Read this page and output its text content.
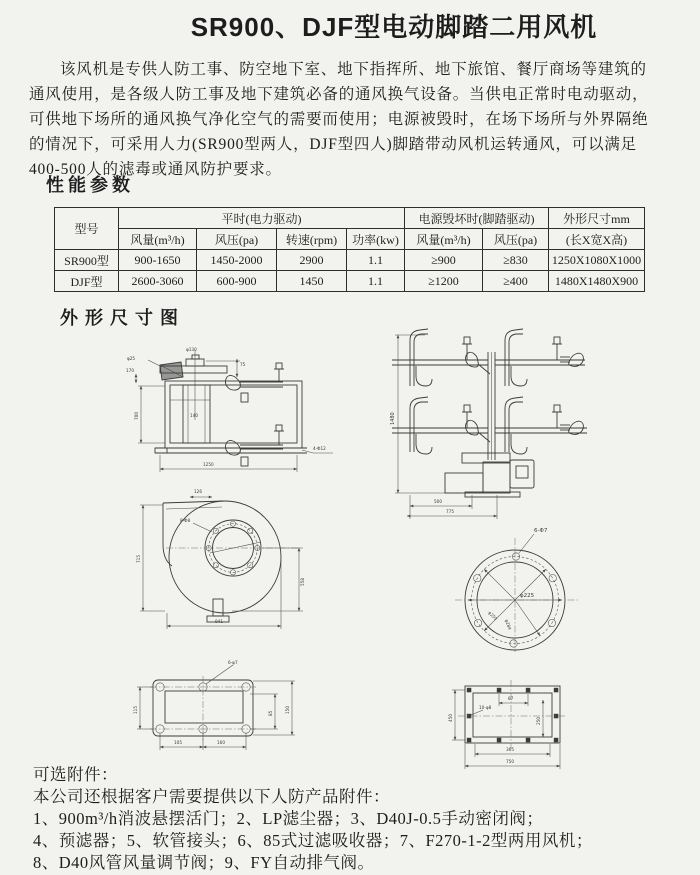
SR900、DJF型电动脚踏二用风机
该风机是专供人防工事、防空地下室、地下指挥所、地下旅馆、餐厅商场等建筑的
通风使用，是各级人防工事及地下建筑必备的通风换气设备。当供电正常时电动驱动，
可供地下场所的通风换气净化空气的需要而使用；电源被毁时，在场下场所与外界隔绝
的情况下，可采用人力(SR900型两人，DJF型四人)脚踏带动风机运转通风，可以满足
400-500人的滤毒或通风防护要求。
性能参数
型号	平时(电力驱动)				电源毁坏时(脚踏驱动)		外形尺寸mm
	风量(m³/h)	风压(pa)	转速(rpm)	功率(kw)	风量(m³/h)	风压(pa)	(长X宽X高)
SR900型	900-1650	1450-2000	2900	1.1	≥900	≥830	1250X1080X1000
DJF型	2600-3060	600-900	1450	1.1	≥1200	≥400	1480X1480X900
外形尺寸图
140
4-Φ12
1250
700
170
φ25
75
φ130
1480
500
775
8-Φ8
715
558
941
126
6-Φ7
φ225
φ255
φ284
6-φ7
115	85	150
105	160
87
10-φ8
450	250
365
750
可选附件：
本公司还根据客户需要提供以下人防产品附件：
1、900m³/h消波悬摆活门；2、LP滤尘器；3、D40J-0.5手动密闭阀；
4、预滤器；5、软管接头；6、85式过滤吸收器；7、F270-1-2型两用风机；
8、D40风管风量调节阀；9、FY自动排气阀。
